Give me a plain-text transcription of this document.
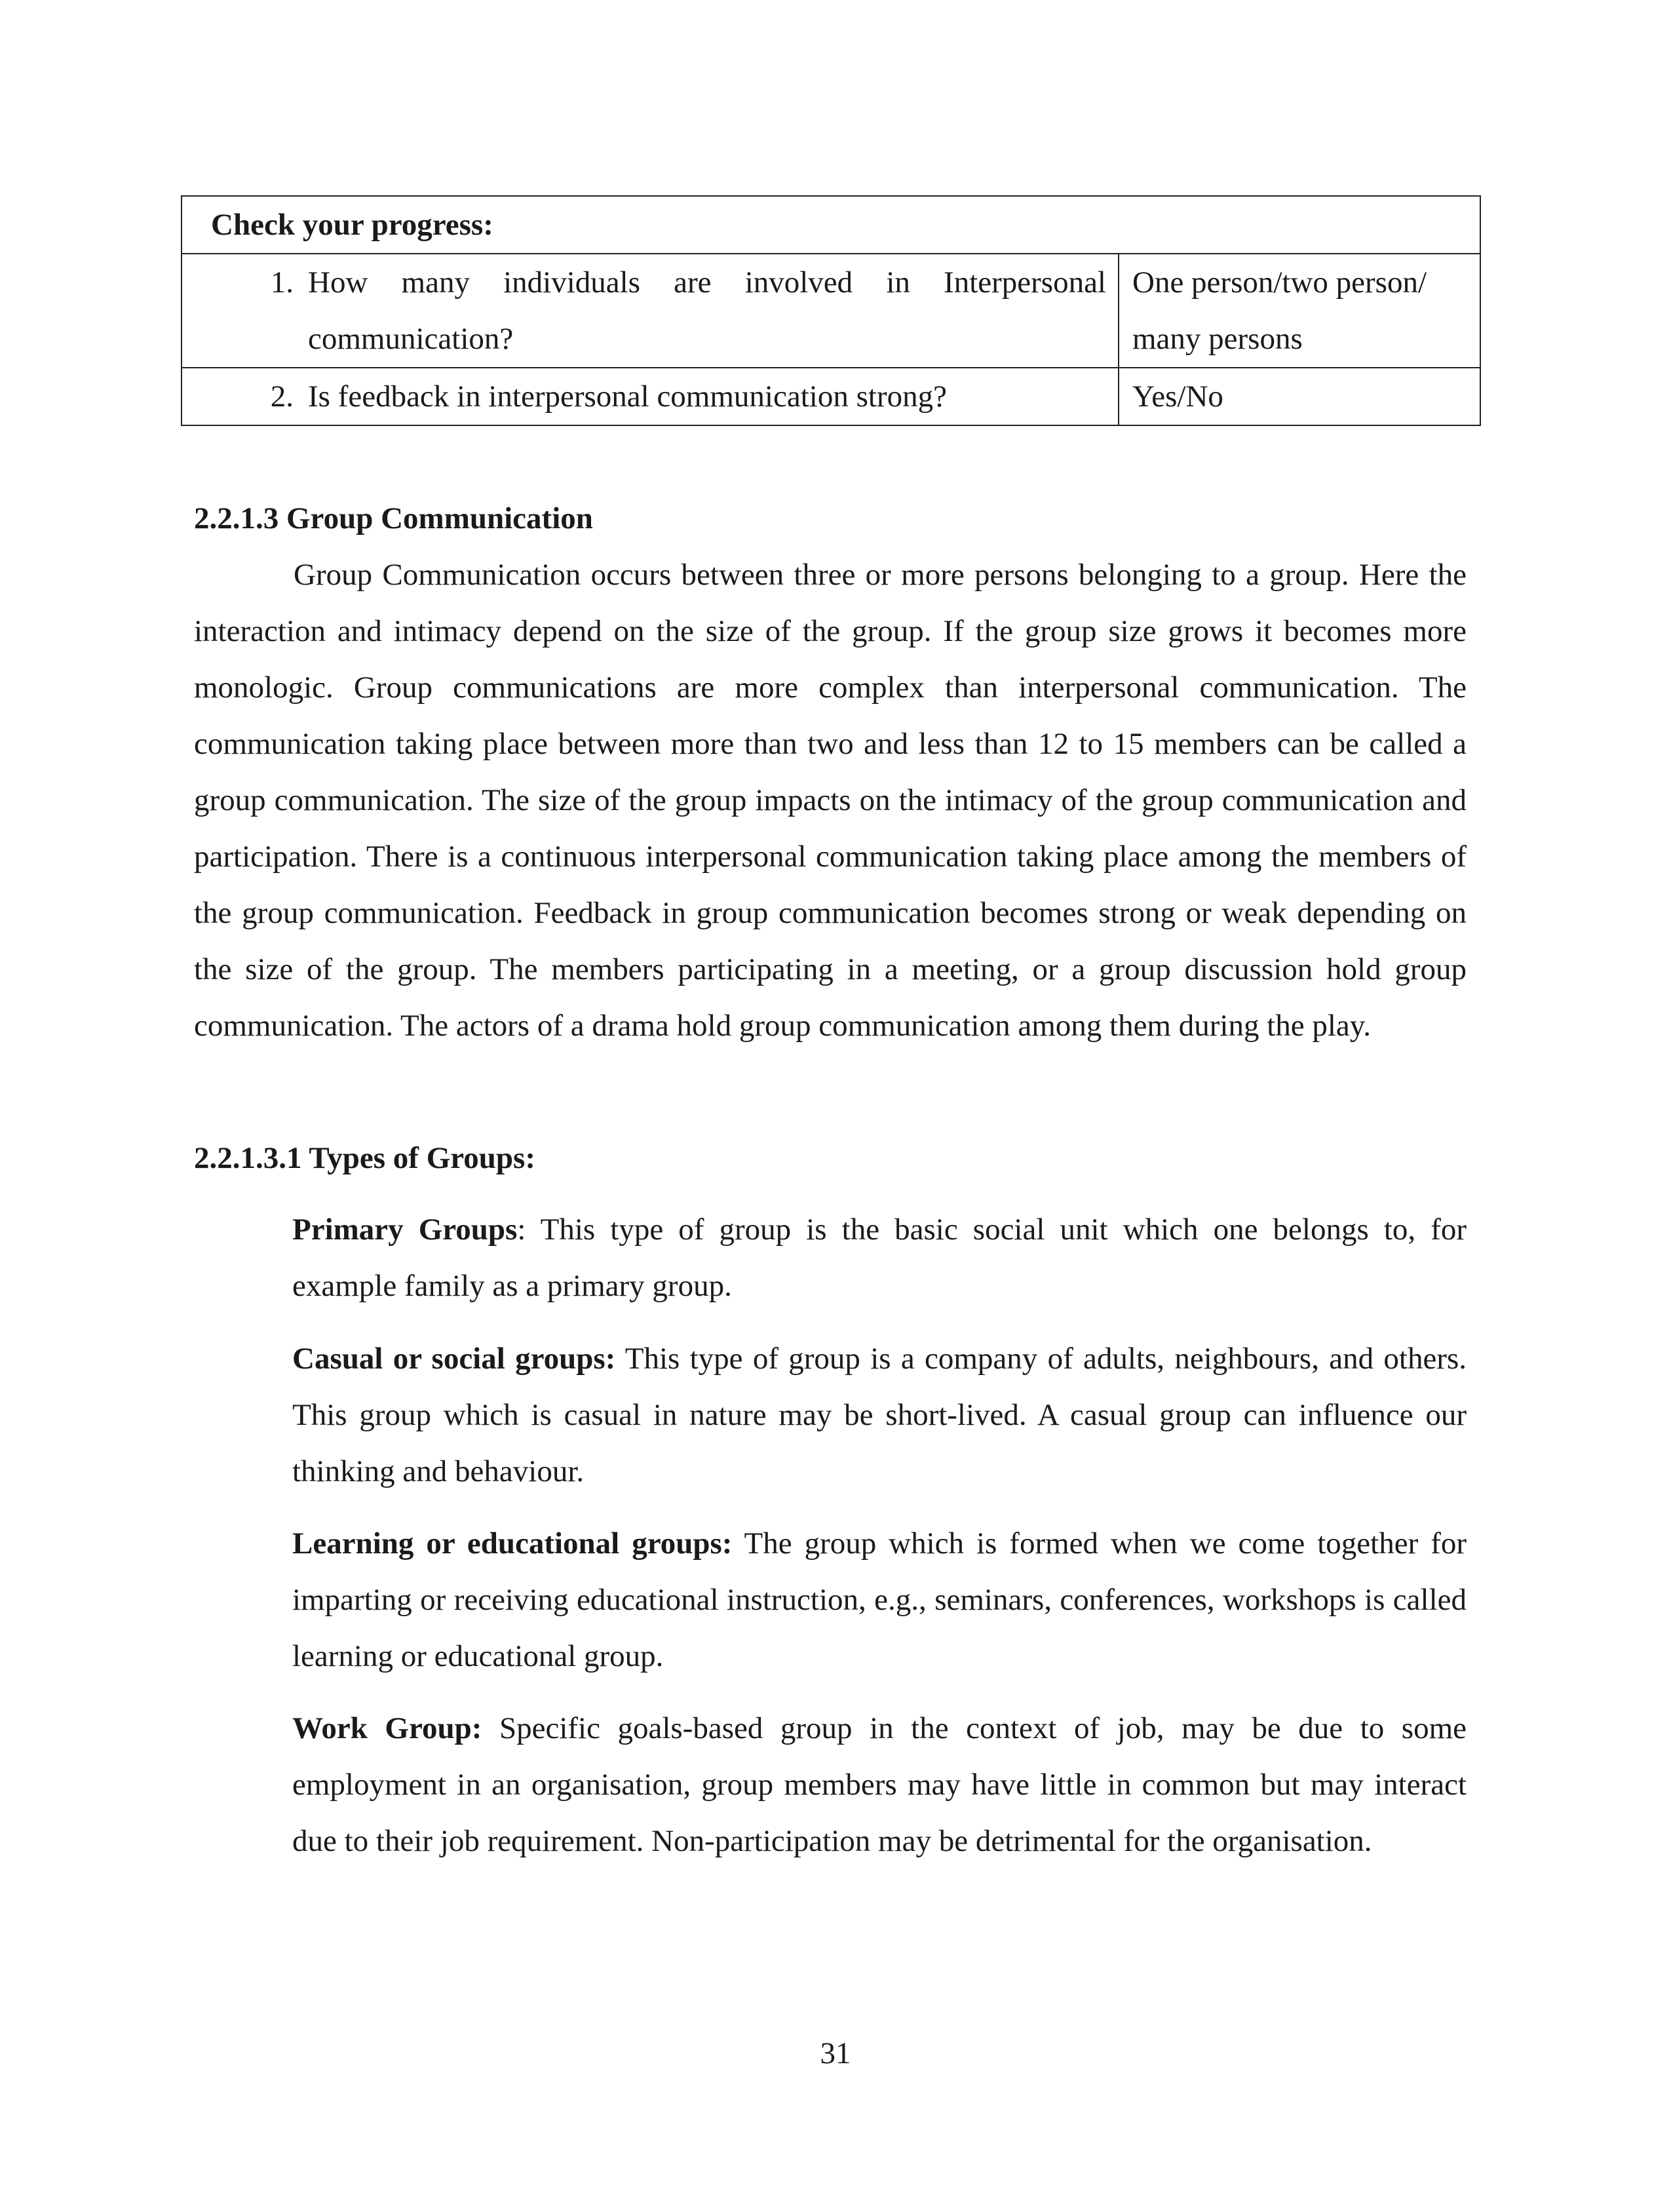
Check your progress:	

1. How many individuals are involved in Interpersonal communication?	One person/two person/ many persons

2. Is feedback in interpersonal communication strong?	Yes/No

2.2.1.3 Group Communication

Group Communication occurs between three or more persons belonging to a group. Here the interaction and intimacy depend on the size of the group. If the group size grows it becomes more monologic. Group communications are more complex than interpersonal communication. The communication taking place between more than two and less than 12 to 15 members can be called a group communication. The size of the group impacts on the intimacy of the group communication and participation. There is a continuous interpersonal communication taking place among the members of the group communication. Feedback in group communication becomes strong or weak depending on the size of the group. The members participating in a meeting, or a group discussion hold group communication. The actors of a drama hold group communication among them during the play.

2.2.1.3.1 Types of Groups:

Primary Groups: This type of group is the basic social unit which one belongs to, for example family as a primary group.

Casual or social groups: This type of group is a company of adults, neighbours, and others. This group which is casual in nature may be short-lived. A casual group can influence our thinking and behaviour.

Learning or educational groups: The group which is formed when we come together for imparting or receiving educational instruction, e.g., seminars, conferences, workshops is called learning or educational group.

Work Group: Specific goals-based group in the context of job, may be due to some employment in an organisation, group members may have little in common but may interact due to their job requirement. Non-participation may be detrimental for the organisation.

31
